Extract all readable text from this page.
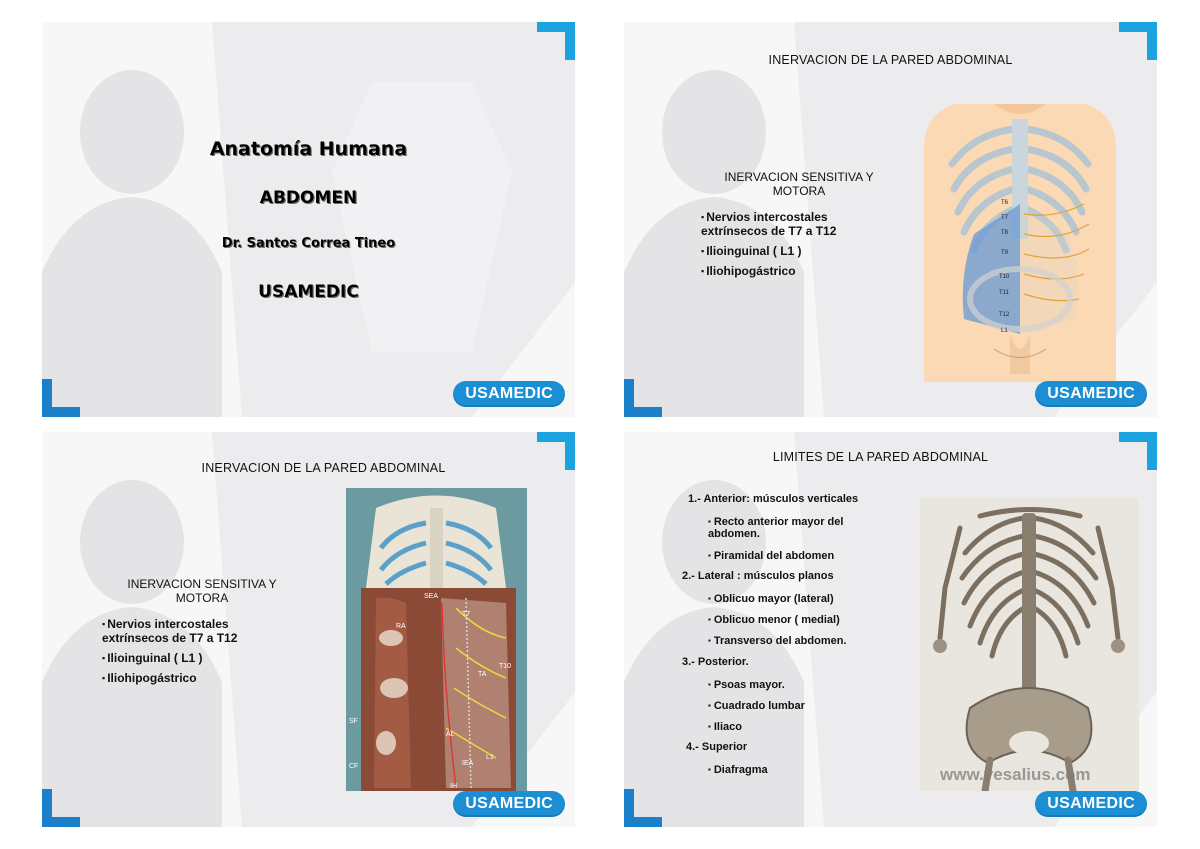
Anatomía Humana
ABDOMEN
Dr. Santos Correa Tineo
USAMEDIC
USAMEDIC
INERVACION DE LA PARED ABDOMINAL
INERVACION SENSITIVA Y
MOTORA
▪ Nervios intercostales
extrínsecos de T7 a T12
▪ Ilioinguinal ( L1 )
▪ Iliohipogástrico
T6
T7
T8
T9
T10
T11
T12
L1
USAMEDIC
INERVACION DE LA PARED ABDOMINAL
INERVACION SENSITIVA Y
MOTORA
▪ Nervios intercostales
extrínsecos de T7 a T12
▪ Ilioinguinal ( L1 )
▪ Iliohipogástrico
SEA
T7
RA
TA
T10
SF
AL
CF	IEA
L1
IH
USAMEDIC
LIMITES DE LA PARED ABDOMINAL
1.- Anterior: músculos verticales
▪ Recto anterior mayor del
abdomen.
▪ Piramidal del abdomen
2.- Lateral : músculos planos
▪ Oblicuo mayor (lateral)
▪ Oblicuo menor ( medial)
▪ Transverso del abdomen.
3.- Posterior.
▪ Psoas mayor.
▪ Cuadrado lumbar
▪ Iliaco
4.- Superior
▪ Diafragma	www.vesalius.com
USAMEDIC
